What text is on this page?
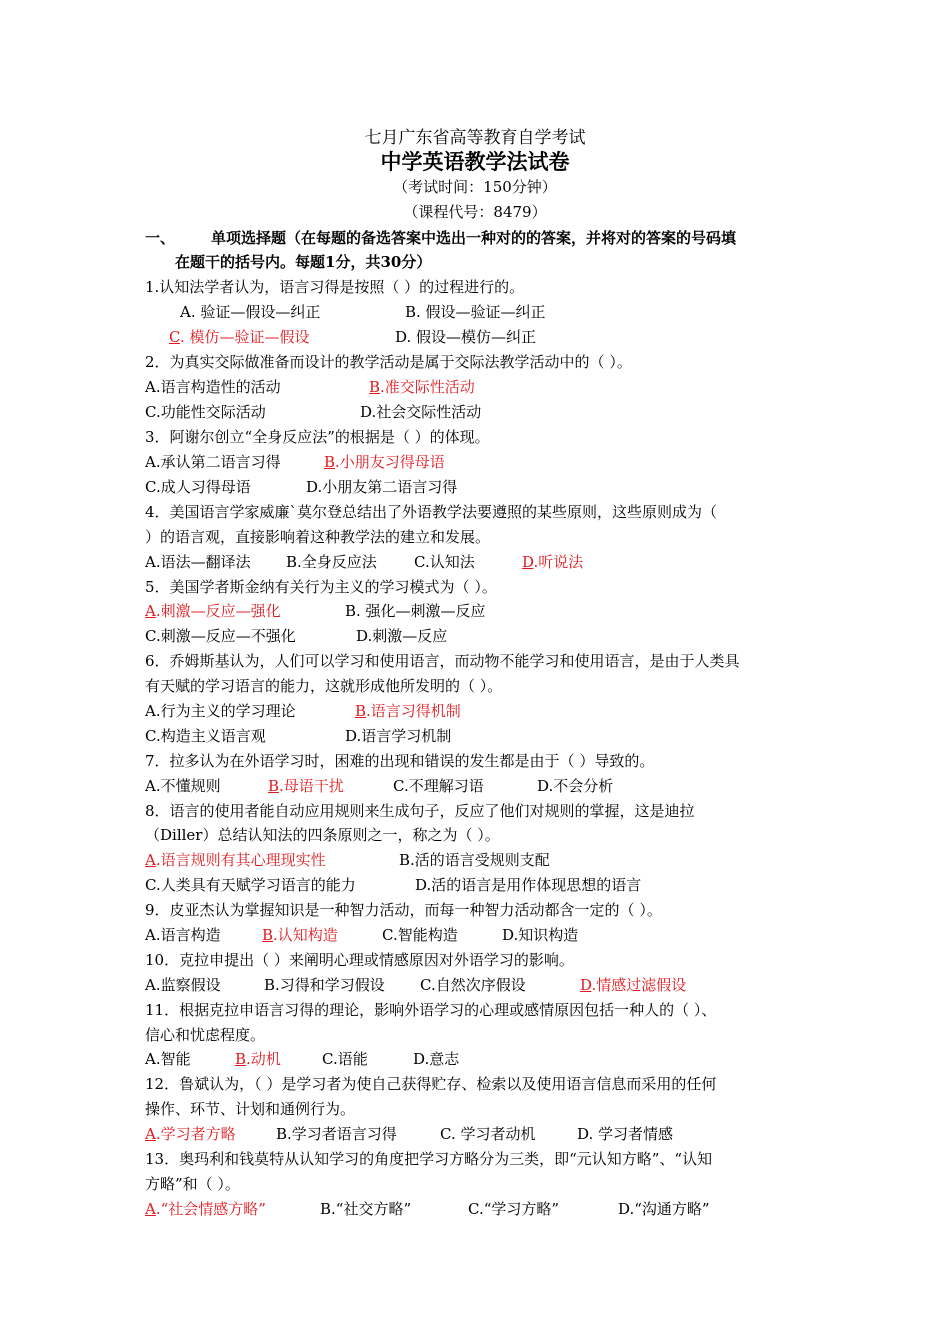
七月广东省高等教育自学考试
中学英语教学法试卷
（考试时间：150分钟）
（课程代号：8479）
一、 单项选择题（在每题的备选答案中选出一种对的的答案，并将对的答案的号码填
在题干的括号内。每题1分，共30分）
1.认知法学者认为，语言习得是按照（ ）的过程进行的。
A. 验证—假设—纠正	B. 假设—验证—纠正
C. 模仿—验证—假设	D. 假设—模仿—纠正
2．为真实交际做准备而设计的教学活动是属于交际法教学活动中的（ ）。
A.语言构造性的活动	B.准交际性活动
C.功能性交际活动	D.社会交际性活动
3．阿谢尔创立“全身反应法”的根据是（ ）的体现。
A.承认第二语言习得	B.小朋友习得母语
C.成人习得母语	D.小朋友第二语言习得
4．美国语言学家威廉`莫尔登总结出了外语教学法要遵照的某些原则，这些原则成为（
）的语言观，直接影响着这种教学法的建立和发展。
A.语法—翻译法 B.全身反应法 C.认知法	D.听说法
5．美国学者斯金纳有关行为主义的学习模式为（ ）。
A.刺激—反应—强化	B. 强化—刺激—反应
C.刺激—反应—不强化	D.刺激—反应
6．乔姆斯基认为，人们可以学习和使用语言，而动物不能学习和使用语言，是由于人类具
有天赋的学习语言的能力，这就形成他所发明的（ ）。
A.行为主义的学习理论	B.语言习得机制
C.构造主义语言观	D.语言学习机制
7．拉多认为在外语学习时，困难的出现和错误的发生都是由于（ ）导致的。
A.不懂规则	B.母语干扰	C.不理解习语	D.不会分析
8．语言的使用者能自动应用规则来生成句子，反应了他们对规则的掌握，这是迪拉
（Diller）总结认知法的四条原则之一，称之为（ ）。
A.语言规则有其心理现实性	B.活的语言受规则支配
C.人类具有天赋学习语言的能力	D.活的语言是用作体现思想的语言
9．皮亚杰认为掌握知识是一种智力活动，而每一种智力活动都含一定的（ ）。
A.语言构造	B.认知构造	C.智能构造	D.知识构造
10．克拉申提出（ ）来阐明心理或情感原因对外语学习的影响。
A.监察假设	B.习得和学习假设 C.自然次序假设	D.情感过滤假设
11．根据克拉申语言习得的理论，影响外语学习的心理或感情原因包括一种人的（ ）、
信心和忧虑程度。
A.智能	B.动机	C.语能	D.意志
12．鲁斌认为，（ ）是学习者为使自己获得贮存、检索以及使用语言信息而采用的任何
操作、环节、计划和通例行为。
A.学习者方略	B.学习者语言习得	C. 学习者动机	D. 学习者情感
13．奥玛利和钱莫特从认知学习的角度把学习方略分为三类，即“元认知方略”、“认知
方略”和（ ）。
A.“社会情感方略”	B.“社交方略”	C.“学习方略”	D.“沟通方略”
